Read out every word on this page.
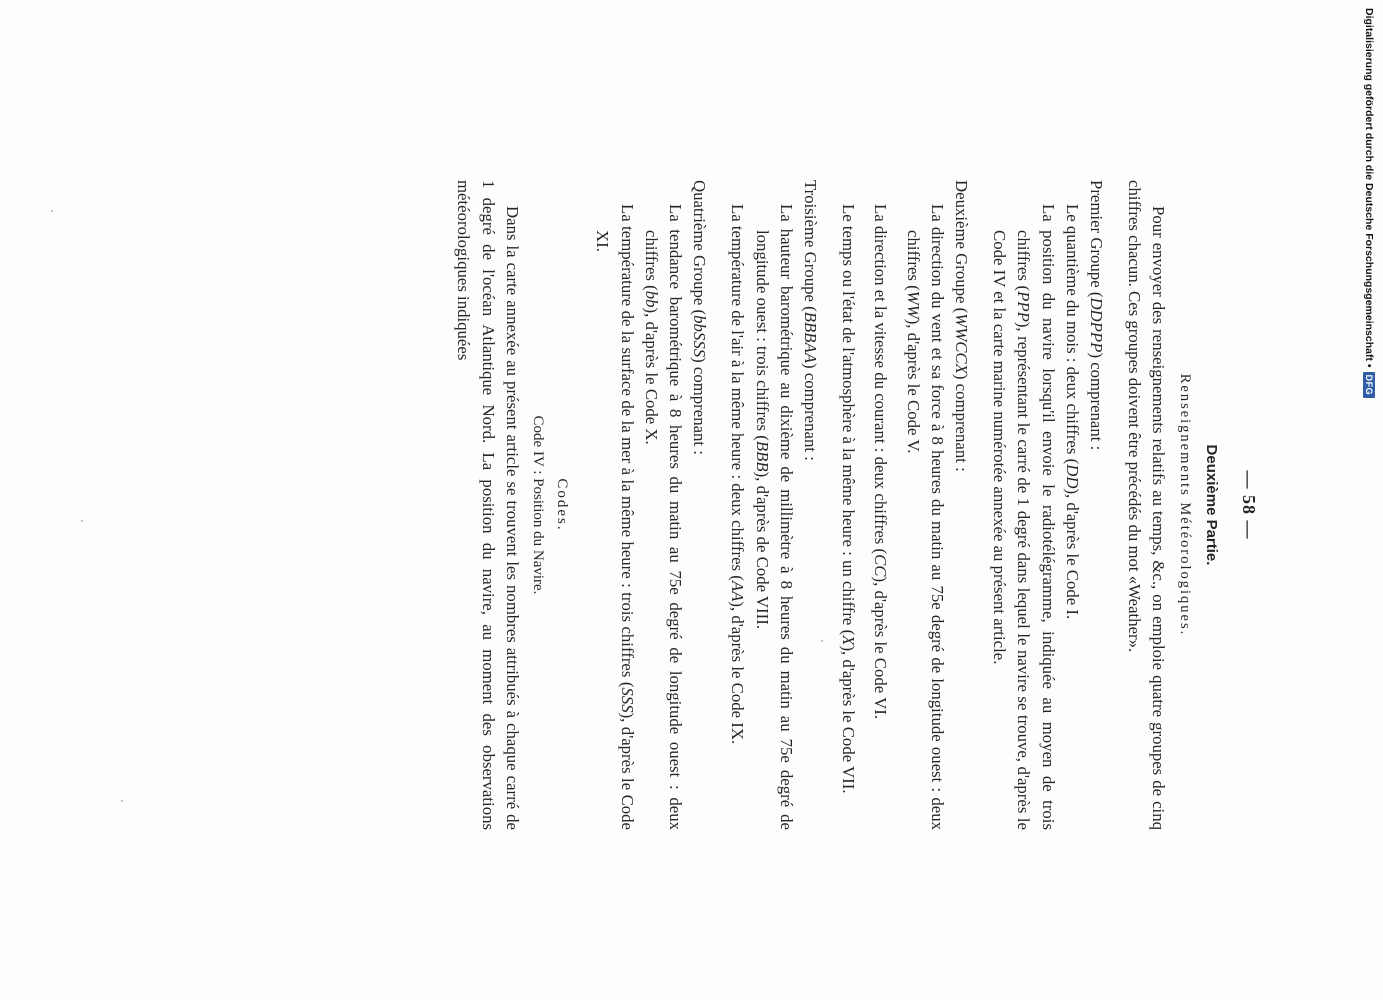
— 58 —
Deuxième Partie.
Renseignements Météorologiques.

Pour envoyer des renseignements relatifs au temps, &c., on emploie quatre groupes de cinq chiffres chacun. Ces groupes doivent être précédés du mot «Weather».

Premier Groupe (DDPPP) comprenant :

Le quantième du mois : deux chiffres (DD), d'après le Code I.

La position du navire lorsqu'il envoie le radiotélégramme, indiquée au moyen de trois chiffres (PPP), représentant le carré de 1 degré dans lequel le navire se trouve, d'après le Code IV et la carte marine numérotée annexée au présent article.

Deuxième Groupe (WWCCX) comprenant :

La direction du vent et sa force à 8 heures du matin au 75e degré de longitude ouest : deux chiffres (WW), d'après le Code V.

La direction et la vitesse du courant : deux chiffres (CC), d'après le Code VI.

Le temps ou l'état de l'atmosphère à la même heure : un chiffre (X), d'après le Code VII.

Troisième Groupe (BBBAA) comprenant :

La hauteur barométrique au dixième de millimètre à 8 heures du matin au 75e degré de longitude ouest : trois chiffres (BBB), d'après de Code VIII.

La température de l'air à la même heure : deux chiffres (AA), d'après le Code IX.

Quatrième Groupe (bbSSS) comprenant :

La tendance barométrique à 8 heures du matin au 75e degré de longitude ouest : deux chiffres (bb), d'après le Code X.

La température de la surface de la mer à la même heure : trois chiffres (SSS), d'après le Code XI.

Codes.
Code IV : Position du Navire.

Dans la carte annexée au présent article se trouvent les nombres attribués à chaque carré de 1 degré de l'océan Atlantique Nord. La position du navire, au moment des observations météorologiques indiquées	Digitalisierung gefördert durch die Deutsche Forschungsgemeinschaft •
DFG
